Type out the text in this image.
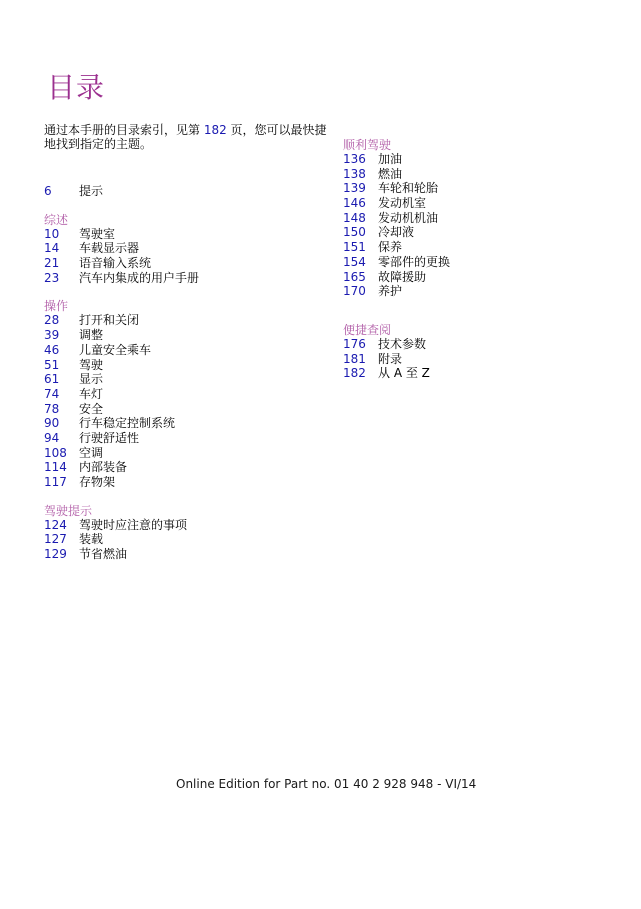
目录
通过本手册的目录索引，见第 182 页，您可以最快捷地找到指定的主题。
6	提示
综述
10	驾驶室
14	车载显示器
21	语音输入系统
23	汽车内集成的用户手册
操作
28	打开和关闭
39	调整
46	儿童安全乘车
51	驾驶
61	显示
74	车灯
78	安全
90	行车稳定控制系统
94	行驶舒适性
108	空调
114	内部装备
117	存物架
驾驶提示
124	驾驶时应注意的事项
127	装载
129	节省燃油
顺利驾驶
136	加油
138	燃油
139	车轮和轮胎
146	发动机室
148	发动机机油
150	冷却液
151	保养
154	零部件的更换
165	故障援助
170	养护
便捷查阅
176	技术参数
181	附录
182	从 A 至 Z
Online Edition for Part no. 01 40 2 928 948 - VI/14
